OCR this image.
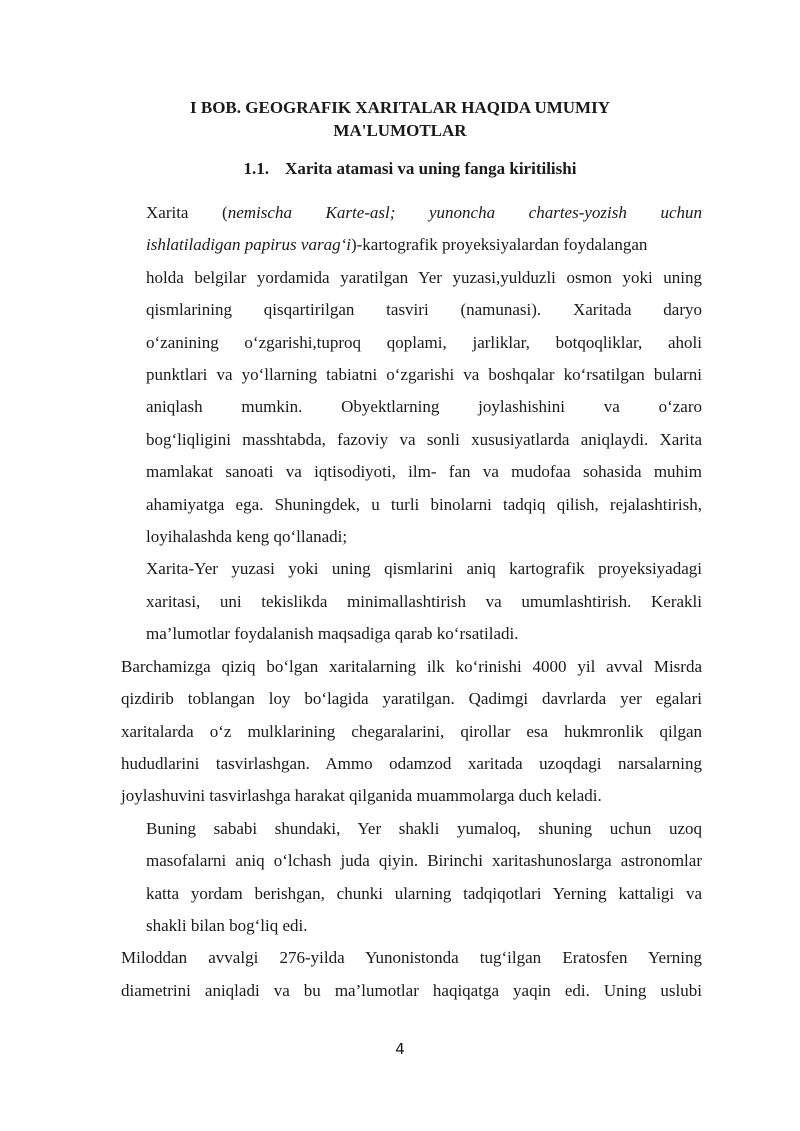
I BOB. GEOGRAFIK XARITALAR HAQIDA UMUMIY
MA'LUMOTLAR
1.1. Xarita atamasi va uning fanga kiritilishi

Xarita (nemischa Karte-asl; yunoncha chartes-yozish uchun
ishlatiladigan papirus varag‘i)-kartografik proyeksiyalardan foydalangan
holda belgilar yordamida yaratilgan Yer yuzasi,yulduzli osmon yoki uning
qismlarining qisqartirilgan tasviri (namunasi). Xaritada daryo
o‘zanining o‘zgarishi,tuproq qoplami, jarliklar, botqoqliklar, aholi
punktlari va yo‘llarning tabiatni o‘zgarishi va boshqalar ko‘rsatilgan bularni
aniqlash mumkin. Obyektlarning joylashishini va o‘zaro
bog‘liqligini masshtabda, fazoviy va sonli xususiyatlarda aniqlaydi. Xarita
mamlakat sanoati va iqtisodiyoti, ilm- fan va mudofaa sohasida muhim
ahamiyatga ega. Shuningdek, u turli binolarni tadqiq qilish, rejalashtirish,
loyihalashda keng qo‘llanadi;

Xarita-Yer yuzasi yoki uning qismlarini aniq kartografik proyeksiyadagi
xaritasi, uni tekislikda minimallashtirish va umumlashtirish. Kerakli
ma’lumotlar foydalanish maqsadiga qarab ko‘rsatiladi.

Barchamizga qiziq bo‘lgan xaritalarning ilk ko‘rinishi 4000 yil avval Misrda
qizdirib toblangan loy bo‘lagida yaratilgan. Qadimgi davrlarda yer egalari
xaritalarda o‘z mulklarining chegaralarini, qirollar esa hukmronlik qilgan
hududlarini tasvirlashgan. Ammo odamzod xaritada uzoqdagi narsalarning
joylashuvini tasvirlashga harakat qilganida muammolarga duch keladi.

Buning sababi shundaki, Yer shakli yumaloq, shuning uchun uzoq
masofalarni aniq o‘lchash juda qiyin. Birinchi xaritashunoslarga astronomlar
katta yordam berishgan, chunki ularning tadqiqotlari Yerning kattaligi va
shakli bilan bog‘liq edi.

Miloddan avvalgi 276-yilda Yunonistonda tug‘ilgan Eratosfen Yerning
diametrini aniqladi va bu ma’lumotlar haqiqatga yaqin edi. Uning uslubi

4
